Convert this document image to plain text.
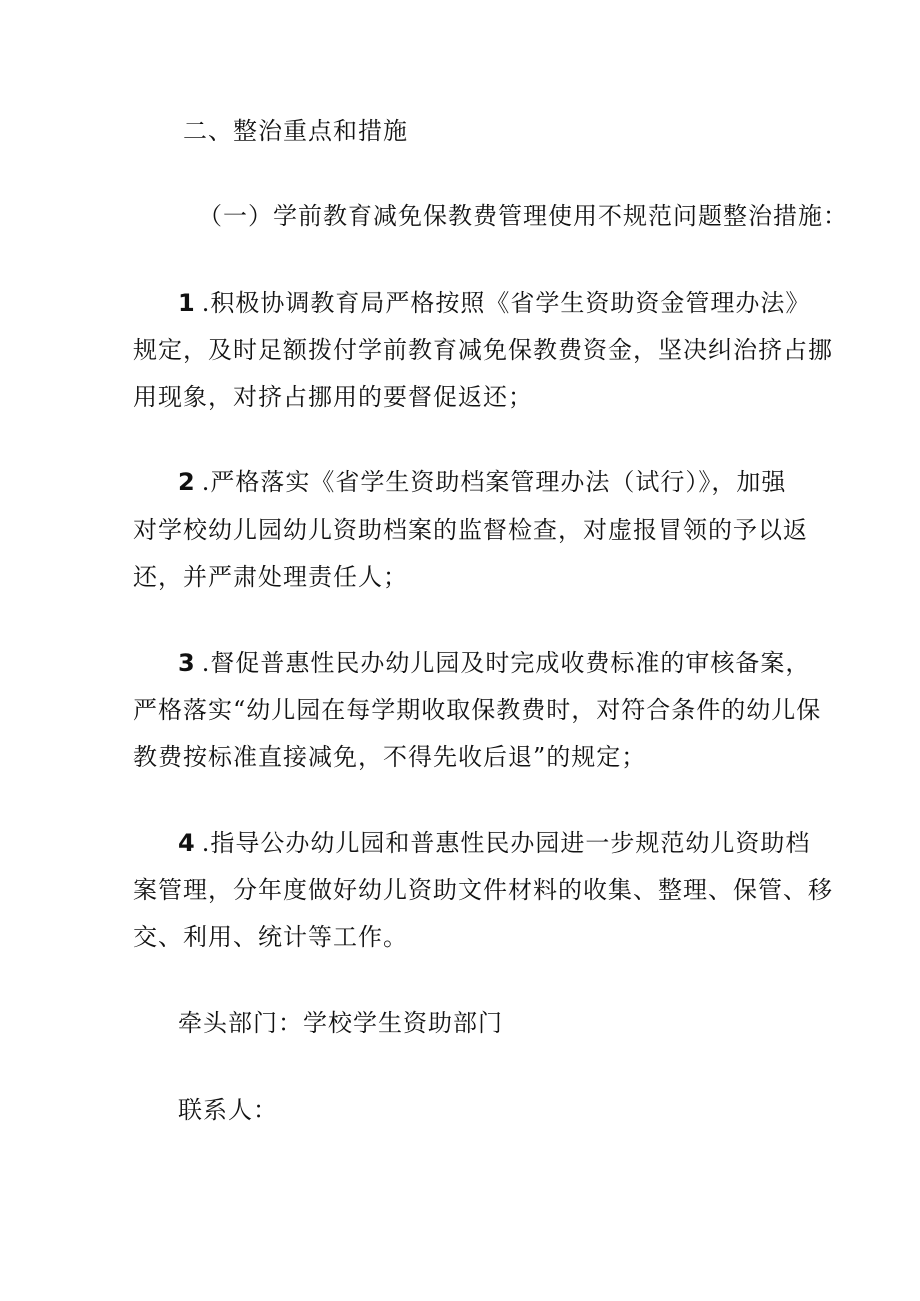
二、整治重点和措施
（一）学前教育减免保教费管理使用不规范问题整治措施：
1 .积极协调教育局严格按照《省学生资助资金管理办法》
规定，及时足额拨付学前教育减免保教费资金，坚决纠治挤占挪
用现象，对挤占挪用的要督促返还；
2 .严格落实《省学生资助档案管理办法（试行）》，加强
对学校幼儿园幼儿资助档案的监督检查，对虚报冒领的予以返
还，并严肃处理责任人；
3 .督促普惠性民办幼儿园及时完成收费标准的审核备案，
严格落实“幼儿园在每学期收取保教费时，对符合条件的幼儿保
教费按标准直接减免，不得先收后退”的规定；
4 .指导公办幼儿园和普惠性民办园进一步规范幼儿资助档
案管理，分年度做好幼儿资助文件材料的收集、整理、保管、移
交、利用、统计等工作。
牵头部门：学校学生资助部门
联系人：
